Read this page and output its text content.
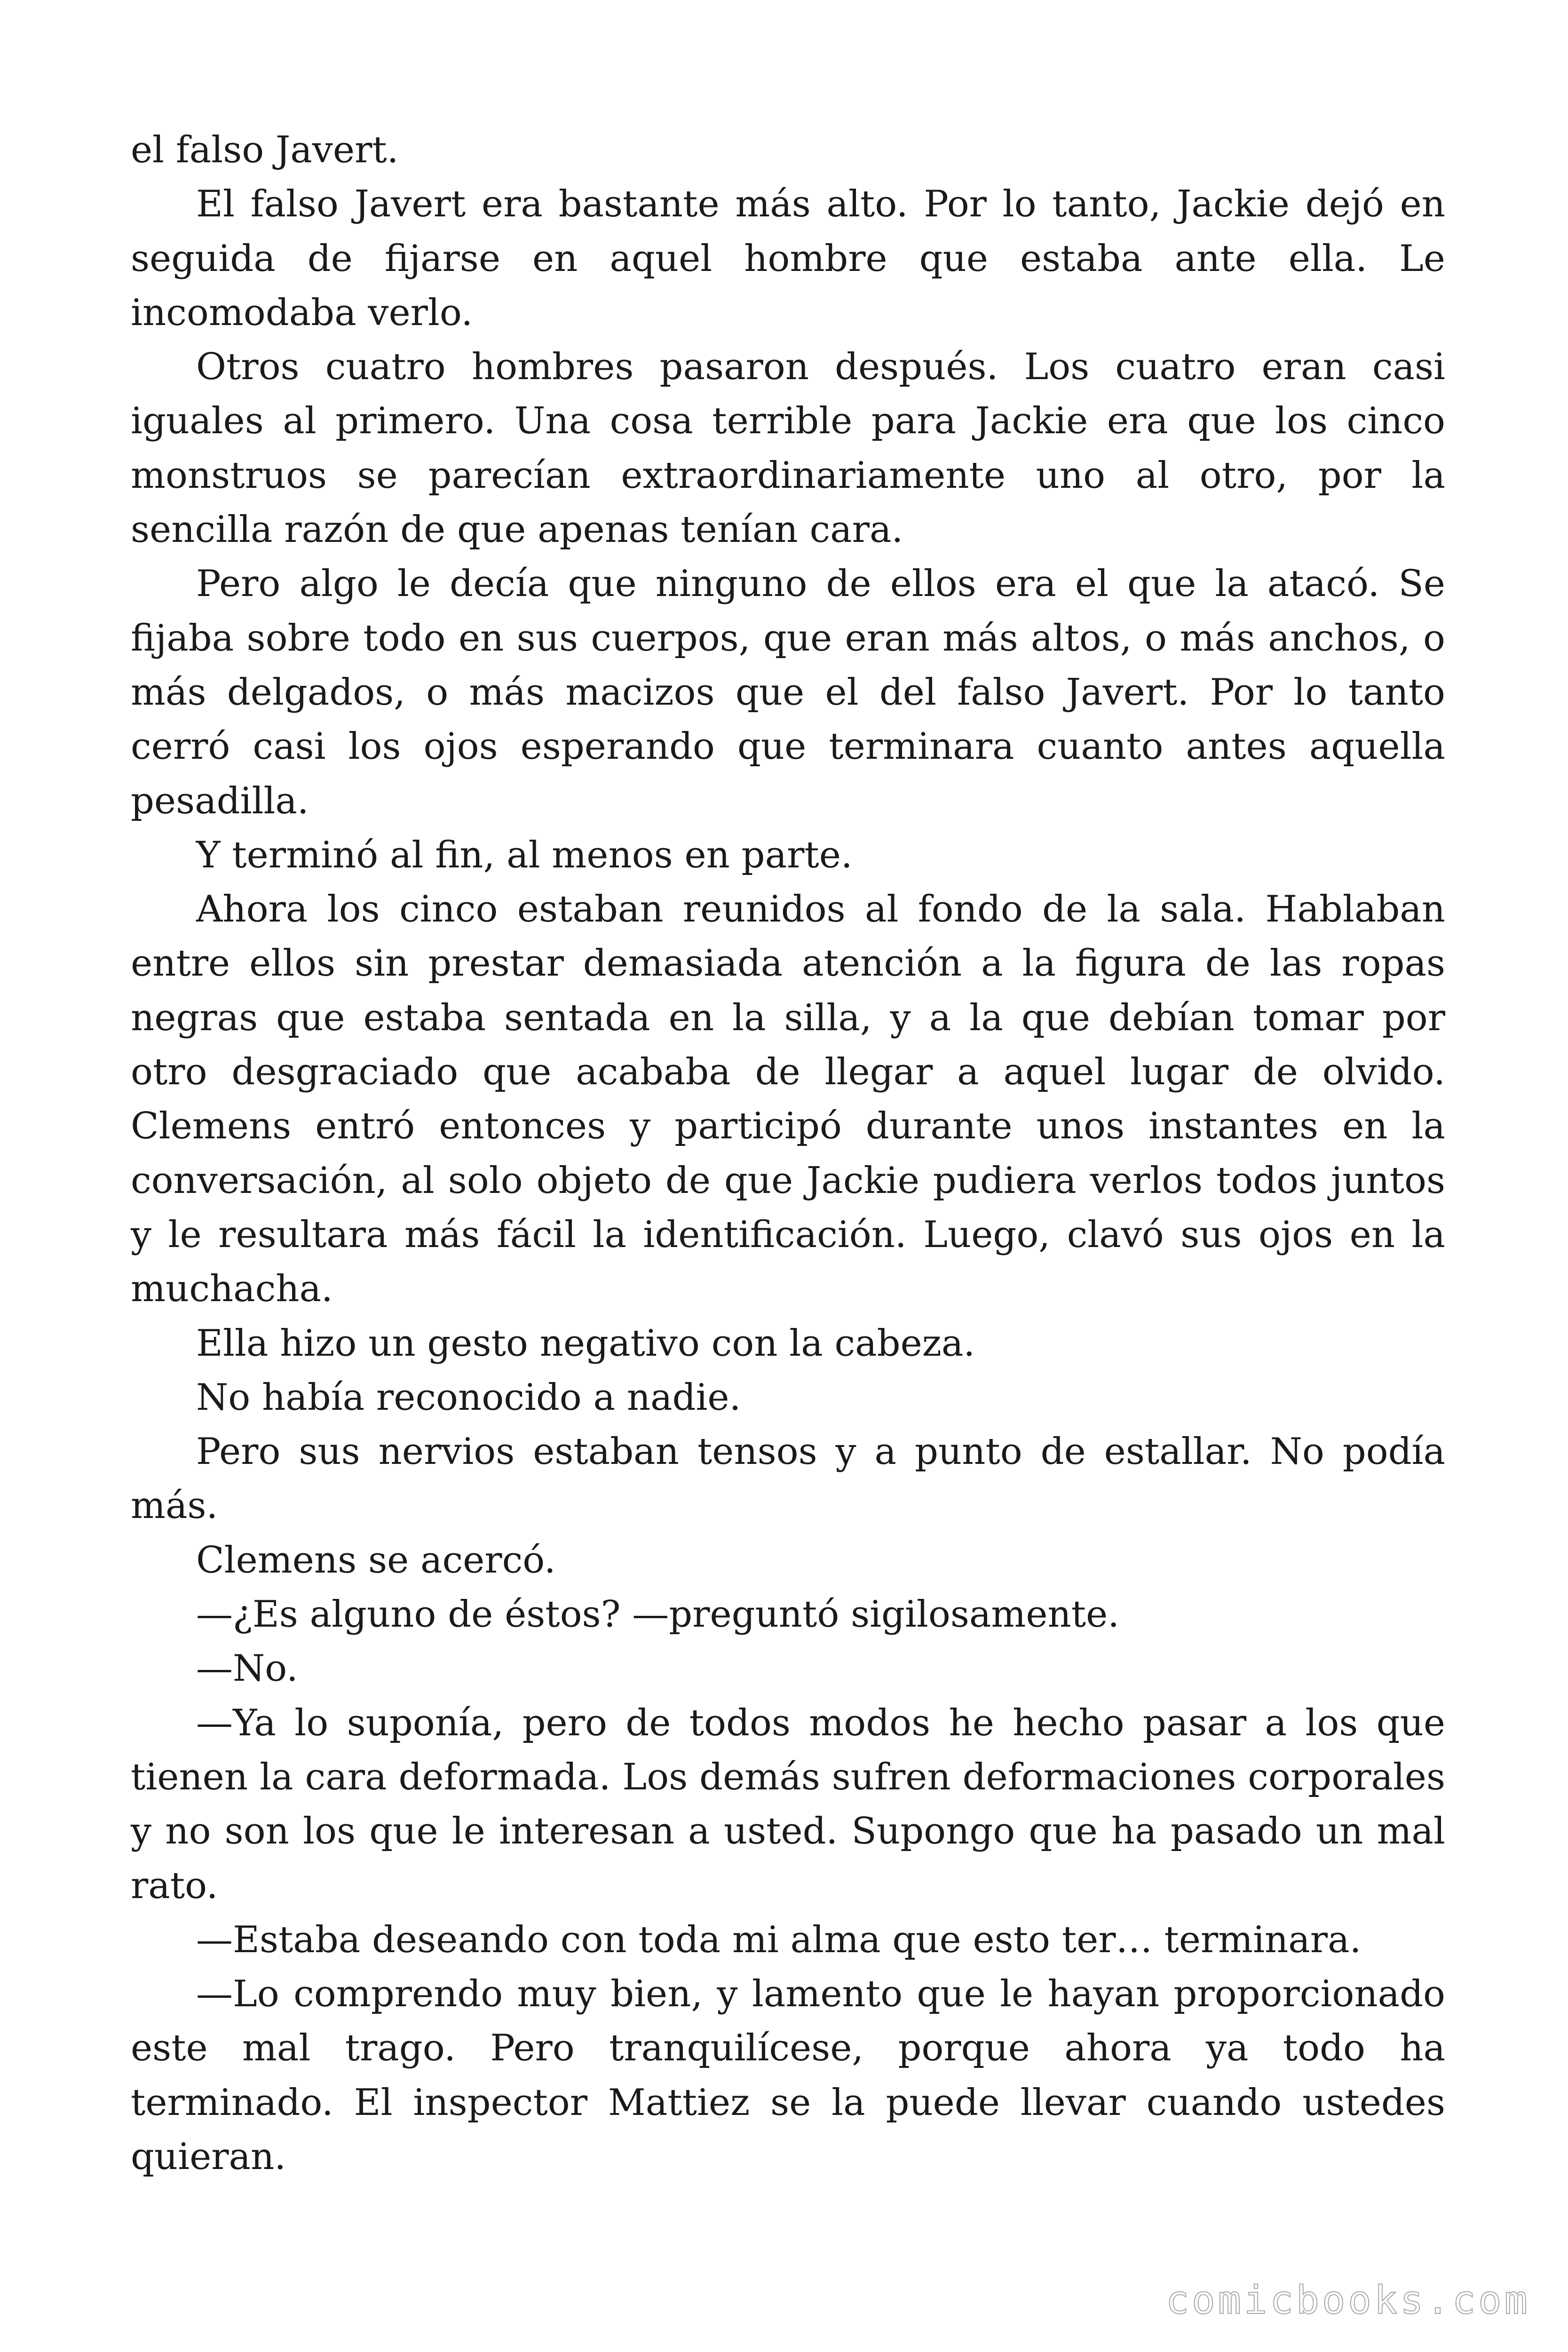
el falso Javert.

El falso Javert era bastante más alto. Por lo tanto, Jackie dejó en seguida de fijarse en aquel hombre que estaba ante ella. Le incomodaba verlo.

Otros cuatro hombres pasaron después. Los cuatro eran casi iguales al primero. Una cosa terrible para Jackie era que los cinco monstruos se parecían extraordinariamente uno al otro, por la sencilla razón de que apenas tenían cara.

Pero algo le decía que ninguno de ellos era el que la atacó. Se fijaba sobre todo en sus cuerpos, que eran más altos, o más anchos, o más delgados, o más macizos que el del falso Javert. Por lo tanto cerró casi los ojos esperando que terminara cuanto antes aquella pesadilla.

Y terminó al fin, al menos en parte.

Ahora los cinco estaban reunidos al fondo de la sala. Hablaban entre ellos sin prestar demasiada atención a la figura de las ropas negras que estaba sentada en la silla, y a la que debían tomar por otro desgraciado que acababa de llegar a aquel lugar de olvido. Clemens entró entonces y participó durante unos instantes en la conversación, al solo objeto de que Jackie pudiera verlos todos juntos y le resultara más fácil la identificación. Luego, clavó sus ojos en la muchacha.

Ella hizo un gesto negativo con la cabeza.

No había reconocido a nadie.

Pero sus nervios estaban tensos y a punto de estallar. No podía más.

Clemens se acercó.

—¿Es alguno de éstos? —preguntó sigilosamente.

—No.

—Ya lo suponía, pero de todos modos he hecho pasar a los que tienen la cara deformada. Los demás sufren deformaciones corporales y no son los que le interesan a usted. Supongo que ha pasado un mal rato.

—Estaba deseando con toda mi alma que esto ter… terminara.

—Lo comprendo muy bien, y lamento que le hayan proporcionado este mal trago. Pero tranquilícese, porque ahora ya todo ha terminado. El inspector Mattiez se la puede llevar cuando ustedes quieran.

comicbooks.com
